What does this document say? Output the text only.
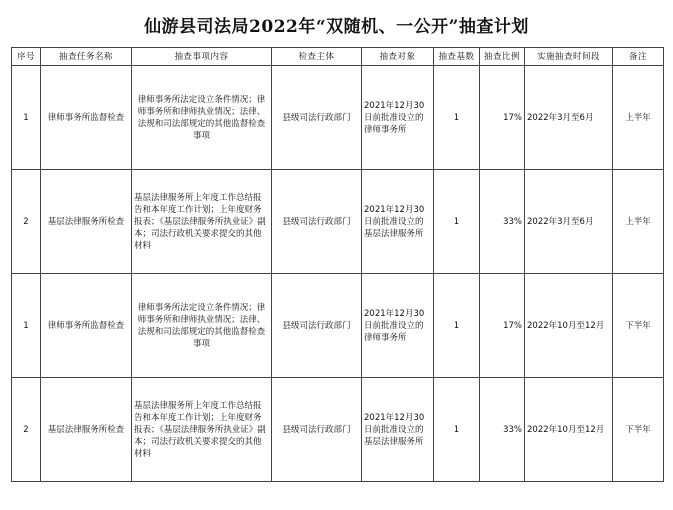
仙游县司法局2022年“双随机、一公开”抽查计划
序号	抽查任务名称	抽查事项内容	检查主体	抽查对象	抽查基数	抽查比例	实施抽查时间段	备注
1	律师事务所监督检查	律师事务所法定设立条件情况；律师事务所和律师执业情况；法律、法规和司法部规定的其他监督检查事项	县级司法行政部门	2021年12月30日前批准设立的律师事务所	1	17%	2022年3月至6月	上半年
2	基层法律服务所检查	基层法律服务所上年度工作总结报告和本年度工作计划；上年度财务报表；《基层法律服务所执业证》副本；司法行政机关要求提交的其他材料	县级司法行政部门	2021年12月30日前批准设立的基层法律服务所	1	33%	2022年3月至6月	上半年
1	律师事务所监督检查	律师事务所法定设立条件情况；律师事务所和律师执业情况；法律、法规和司法部规定的其他监督检查事项	县级司法行政部门	2021年12月30日前批准设立的律师事务所	1	17%	2022年10月至12月	下半年
2	基层法律服务所检查	基层法律服务所上年度工作总结报告和本年度工作计划；上年度财务报表；《基层法律服务所执业证》副本；司法行政机关要求提交的其他材料	县级司法行政部门	2021年12月30日前批准设立的基层法律服务所	1	33%	2022年10月至12月	下半年
